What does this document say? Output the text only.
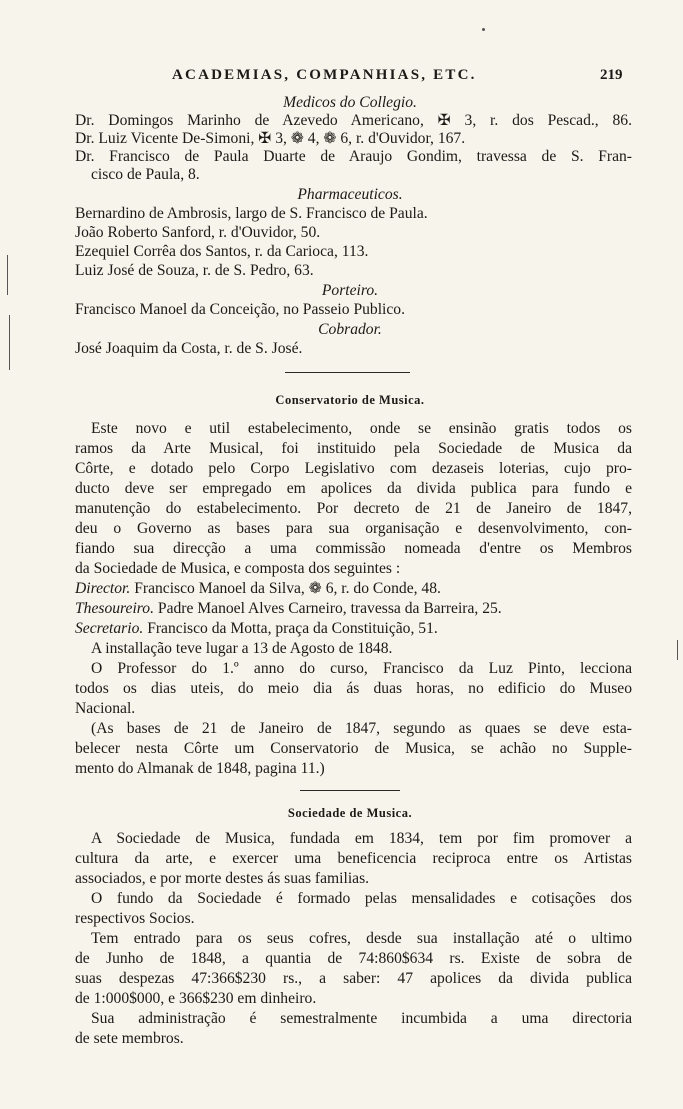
ACADEMIAS, COMPANHIAS, ETC.	219
Medicos do Collegio.
Dr. Domingos Marinho de Azevedo Americano, ✠ 3, r. dos Pescad., 86.
Dr. Luiz Vicente De-Simoni, ✠ 3, ❁ 4, ❁ 6, r. d'Ouvidor, 167.
Dr. Francisco de Paula Duarte de Araujo Gondim, travessa de S. Fran-
cisco de Paula, 8.
Pharmaceuticos.
Bernardino de Ambrosis, largo de S. Francisco de Paula.
João Roberto Sanford, r. d'Ouvidor, 50.
Ezequiel Corrêa dos Santos, r. da Carioca, 113.
Luiz José de Souza, r. de S. Pedro, 63.
Porteiro.
Francisco Manoel da Conceição, no Passeio Publico.
Cobrador.
José Joaquim da Costa, r. de S. José.
Conservatorio de Musica.
Este novo e util estabelecimento, onde se ensinão gratis todos os
ramos da Arte Musical, foi instituido pela Sociedade de Musica da
Côrte, e dotado pelo Corpo Legislativo com dezaseis loterias, cujo pro-
ducto deve ser empregado em apolices da divida publica para fundo e
manutenção do estabelecimento. Por decreto de 21 de Janeiro de 1847,
deu o Governo as bases para sua organisação e desenvolvimento, con-
fiando sua direcção a uma commissão nomeada d'entre os Membros
da Sociedade de Musica, e composta dos seguintes :
Director. Francisco Manoel da Silva, ❁ 6, r. do Conde, 48.
Thesoureiro. Padre Manoel Alves Carneiro, travessa da Barreira, 25.
Secretario. Francisco da Motta, praça da Constituição, 51.
A installação teve lugar a 13 de Agosto de 1848.
O Professor do 1.º anno do curso, Francisco da Luz Pinto, lecciona
todos os dias uteis, do meio dia ás duas horas, no edificio do Museo
Nacional.
(As bases de 21 de Janeiro de 1847, segundo as quaes se deve esta-
belecer nesta Côrte um Conservatorio de Musica, se achão no Supple-
mento do Almanak de 1848, pagina 11.)
Sociedade de Musica.
A Sociedade de Musica, fundada em 1834, tem por fim promover a
cultura da arte, e exercer uma beneficencia reciproca entre os Artistas
associados, e por morte destes ás suas familias.
O fundo da Sociedade é formado pelas mensalidades e cotisações dos
respectivos Socios.
Tem entrado para os seus cofres, desde sua installação até o ultimo
de Junho de 1848, a quantia de 74:860$634 rs. Existe de sobra de
suas despezas 47:366$230 rs., a saber: 47 apolices da divida publica
de 1:000$000, e 366$230 em dinheiro.
Sua administração é semestralmente incumbida a uma directoria
de sete membros.
